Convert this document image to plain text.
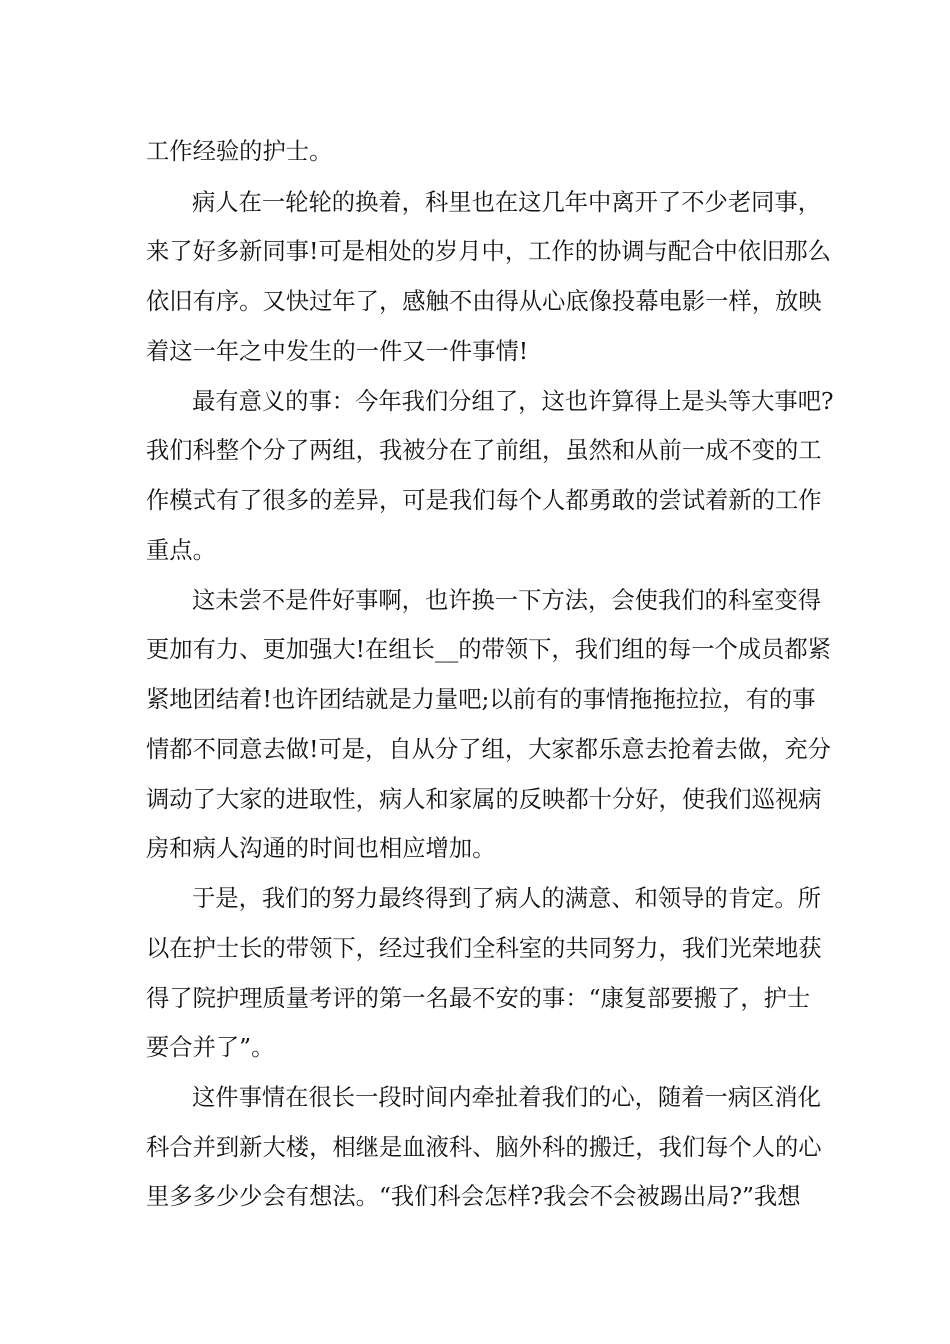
工作经验的护士。
病人在一轮轮的换着，科里也在这几年中离开了不少老同事，
来了好多新同事!可是相处的岁月中，工作的协调与配合中依旧那么
依旧有序。又快过年了，感触不由得从心底像投幕电影一样，放映
着这一年之中发生的一件又一件事情!
最有意义的事：今年我们分组了，这也许算得上是头等大事吧?
我们科整个分了两组，我被分在了前组，虽然和从前一成不变的工
作模式有了很多的差异，可是我们每个人都勇敢的尝试着新的工作
重点。
这未尝不是件好事啊，也许换一下方法，会使我们的科室变得
更加有力、更加强大!在组长__的带领下，我们组的每一个成员都紧
紧地团结着!也许团结就是力量吧;以前有的事情拖拖拉拉，有的事
情都不同意去做!可是，自从分了组，大家都乐意去抢着去做，充分
调动了大家的进取性，病人和家属的反映都十分好，使我们巡视病
房和病人沟通的时间也相应增加。
于是，我们的努力最终得到了病人的满意、和领导的肯定。所
以在护士长的带领下，经过我们全科室的共同努力，我们光荣地获
得了院护理质量考评的第一名最不安的事：“康复部要搬了，护士
要合并了”。
这件事情在很长一段时间内牵扯着我们的心，随着一病区消化
科合并到新大楼，相继是血液科、脑外科的搬迁，我们每个人的心
里多多少少会有想法。“我们科会怎样?我会不会被踢出局?”我想
